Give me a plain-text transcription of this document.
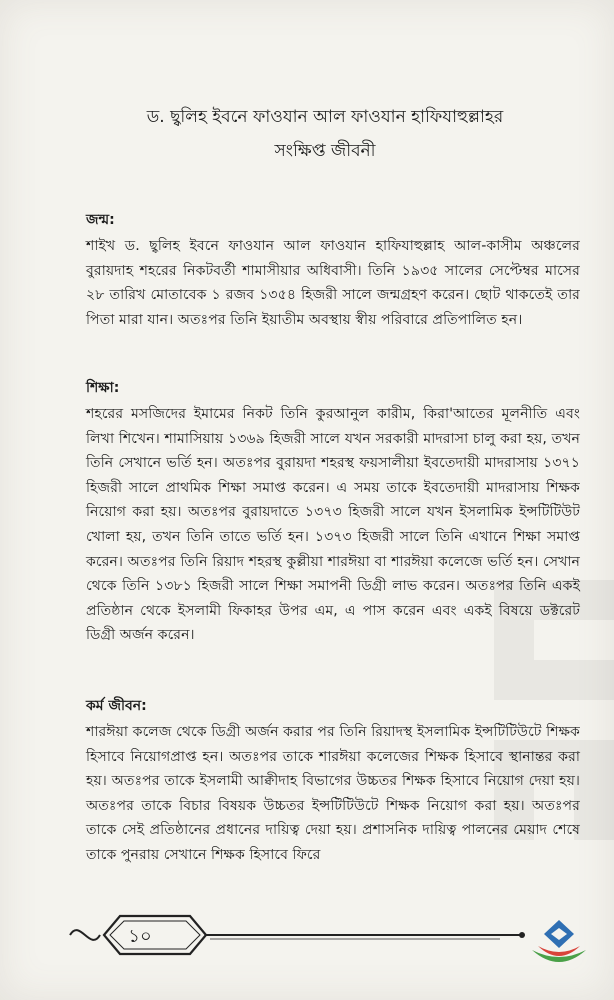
ড. ছ্বলিহ ইবনে ফাওযান আল ফাওযান হাফিযাহুল্লাহর
সংক্ষিপ্ত জীবনী
জন্ম:
শাইখ ড. ছ্বলিহ ইবনে ফাওযান আল ফাওযান হাফিযাহুল্লাহ আল-কাসীম অঞ্চলের বুরায়দাহ শহরের নিকটবর্তী শামাসীয়ার অধিবাসী। তিনি ১৯৩৫ সালের সেপ্টেম্বর মাসের ২৮ তারিখ মোতাবেক ১ রজব ১৩৫৪ হিজরী সালে জন্মগ্রহণ করেন। ছোট থাকতেই তার পিতা মারা যান। অতঃপর তিনি ইয়াতীম অবস্থায় স্বীয় পরিবারে প্রতিপালিত হন।
শিক্ষা:
শহরের মসজিদের ইমামের নিকট তিনি কুরআনুল কারীম, কিরা'আতের মূলনীতি এবং লিখা শিখেন। শামাসিয়ায় ১৩৬৯ হিজরী সালে যখন সরকারী মাদরাসা চালু করা হয়, তখন তিনি সেখানে ভর্তি হন। অতঃপর বুরায়দা শহরস্থ ফয়সালীয়া ইবতেদায়ী মাদরাসায় ১৩৭১ হিজরী সালে প্রাথমিক শিক্ষা সমাপ্ত করেন। এ সময় তাকে ইবতেদায়ী মাদরাসায় শিক্ষক নিয়োগ করা হয়। অতঃপর বুরায়দাতে ১৩৭৩ হিজরী সালে যখন ইসলামিক ইন্সটিটিউট খোলা হয়, তখন তিনি তাতে ভর্তি হন। ১৩৭৩ হিজরী সালে তিনি এখানে শিক্ষা সমাপ্ত করেন। অতঃপর তিনি রিয়াদ শহরস্থ কুল্লীয়া শারঈয়া বা শারঈয়া কলেজে ভর্তি হন। সেখান থেকে তিনি ১৩৮১ হিজরী সালে শিক্ষা সমাপনী ডিগ্রী লাভ করেন। অতঃপর তিনি একই প্রতিষ্ঠান থেকে ইসলামী ফিকাহর উপর এম, এ পাস করেন এবং একই বিষয়ে ডক্টরেট ডিগ্রী অর্জন করেন।
কর্ম জীবন:
শারঈয়া কলেজ থেকে ডিগ্রী অর্জন করার পর তিনি রিয়াদস্থ ইসলামিক ইন্সটিটিউটে শিক্ষক হিসাবে নিয়োগপ্রাপ্ত হন। অতঃপর তাকে শারঈয়া কলেজের শিক্ষক হিসাবে স্থানান্তর করা হয়। অতঃপর তাকে ইসলামী আক্বীদাহ বিভাগের উচ্চতর শিক্ষক হিসাবে নিয়োগ দেয়া হয়। অতঃপর তাকে বিচার বিষয়ক উচ্চতর ইন্সটিটিউটে শিক্ষক নিয়োগ করা হয়। অতঃপর তাকে সেই প্রতিষ্ঠানের প্রধানের দায়িত্ব দেয়া হয়। প্রশাসনিক দায়িত্ব পালনের মেয়াদ শেষে তাকে পুনরায় সেখানে শিক্ষক হিসাবে ফিরে
১০
